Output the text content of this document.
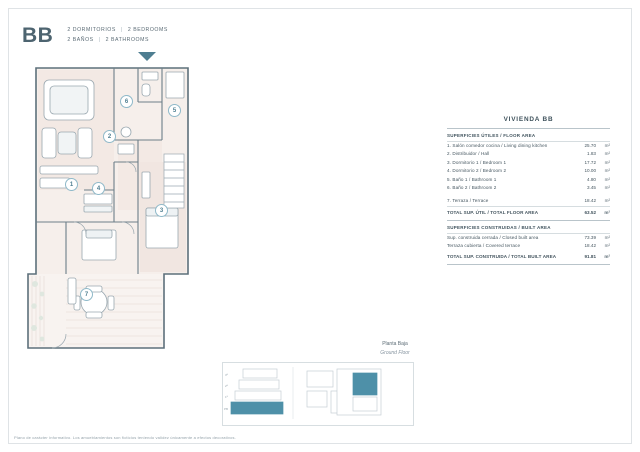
BB	2 DORMITORIOS | 2 BEDROOMS
2 BAÑOS | 2 BATHROOMS
1
2
3
4
5
6
7
VIVIENDA BB
SUPERFICIES ÚTILES / FLOOR AREA
1. Salón comedor cocina / Living dining kitchen	25.70	m²
2. Distribuidor / Hall	1.83	m²
3. Dormitorio 1 / Bedroom 1	17.72	m²
4. Dormitorio 2 / Bedroom 2	10.00	m²
5. Baño 1 / Bathroom 1	4.80	m²
6. Baño 2 / Bathroom 2	3.45	m²
7. Terraza / Terrace	18.42	m²
TOTAL SUP. ÚTIL / TOTAL FLOOR AREA	63.52	m²
SUPERFICIES CONSTRUIDAS / BUILT AREA
Sup. construida cerrada / Closed built area	73.39	m²
Terraza cubierta / Covered terrace	18.42	m²
TOTAL SUP. CONSTRUIDA / TOTAL BUILT AREA	91.81	m²
Planta Baja
Ground Floor
3ª
2ª
1ª
PB
Plano de carácter informativo. Los amueblamientos son ficticios teniendo validez únicamente a efectos decorativos.
